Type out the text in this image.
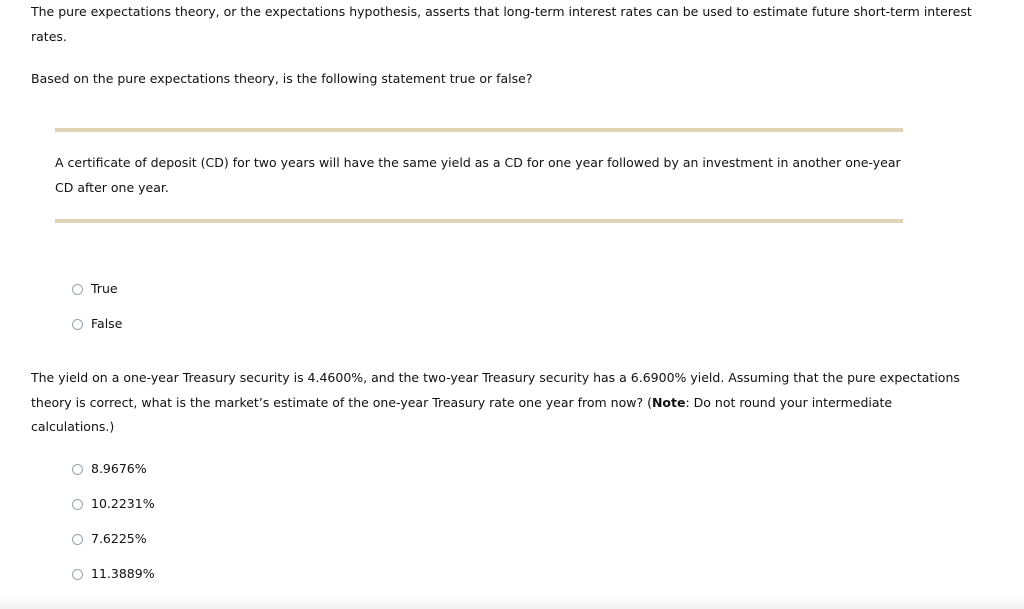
The pure expectations theory, or the expectations hypothesis, asserts that long-term interest rates can be used to estimate future short-term interest rates.

Based on the pure expectations theory, is the following statement true or false?

A certificate of deposit (CD) for two years will have the same yield as a CD for one year followed by an investment in another one-year CD after one year.

True
False

The yield on a one-year Treasury security is 4.4600%, and the two-year Treasury security has a 6.6900% yield. Assuming that the pure expectations theory is correct, what is the market’s estimate of the one-year Treasury rate one year from now? (Note: Do not round your intermediate calculations.)

8.9676%
10.2231%
7.6225%
11.3889%
